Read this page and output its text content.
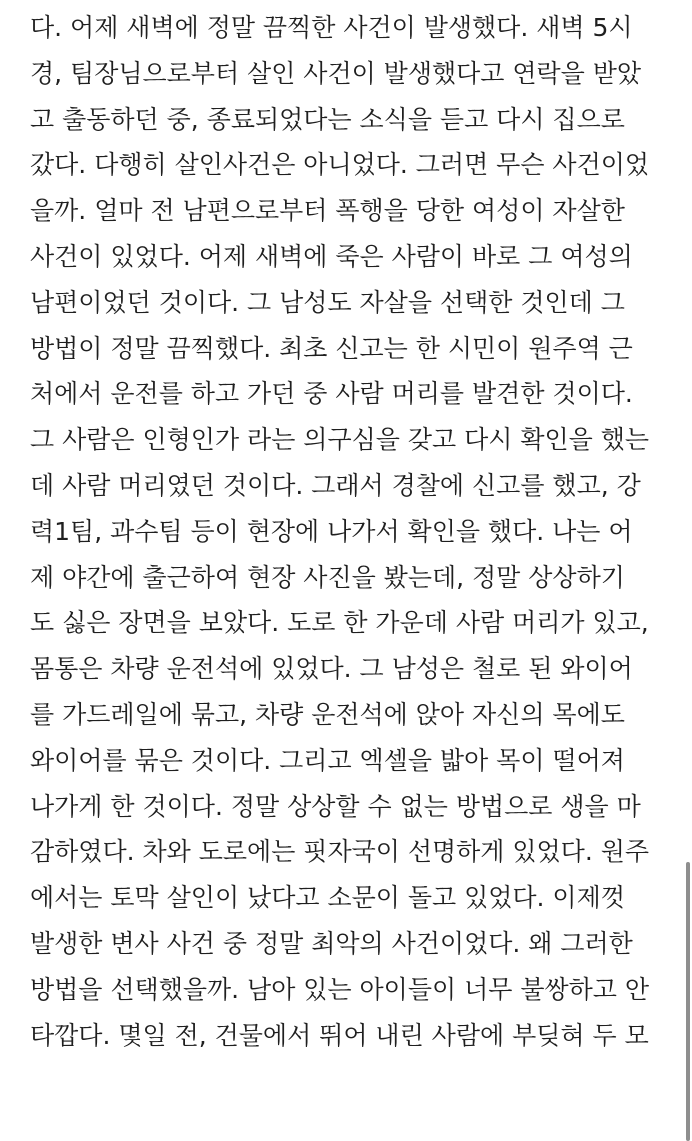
다. 어제 새벽에 정말 끔찍한 사건이 발생했다. 새벽 5시

경, 팀장님으로부터 살인 사건이 발생했다고 연락을 받았

고 출동하던 중, 종료되었다는 소식을 듣고 다시 집으로

갔다. 다행히 살인사건은 아니었다. 그러면 무슨 사건이었

을까. 얼마 전 남편으로부터 폭행을 당한 여성이 자살한

사건이 있었다. 어제 새벽에 죽은 사람이 바로 그 여성의

남편이었던 것이다. 그 남성도 자살을 선택한 것인데 그

방법이 정말 끔찍했다. 최초 신고는 한 시민이 원주역 근

처에서 운전를 하고 가던 중 사람 머리를 발견한 것이다.

그 사람은 인형인가 라는 의구심을 갖고 다시 확인을 했는

데 사람 머리였던 것이다. 그래서 경찰에 신고를 했고, 강

력1팀, 과수팀 등이 현장에 나가서 확인을 했다. 나는 어

제 야간에 출근하여 현장 사진을 봤는데, 정말 상상하기

도 싫은 장면을 보았다. 도로 한 가운데 사람 머리가 있고,

몸통은 차량 운전석에 있었다. 그 남성은 철로 된 와이어

를 가드레일에 묶고, 차량 운전석에 앉아 자신의 목에도

와이어를 묶은 것이다. 그리고 엑셀을 밟아 목이 떨어져

나가게 한 것이다. 정말 상상할 수 없는 방법으로 생을 마

감하였다. 차와 도로에는 핏자국이 선명하게 있었다. 원주

에서는 토막 살인이 났다고 소문이 돌고 있었다. 이제껏

발생한 변사 사건 중 정말 최악의 사건이었다. 왜 그러한

방법을 선택했을까. 남아 있는 아이들이 너무 불쌍하고 안

타깝다. 몇일 전, 건물에서 뛰어 내린 사람에 부딪혀 두 모
